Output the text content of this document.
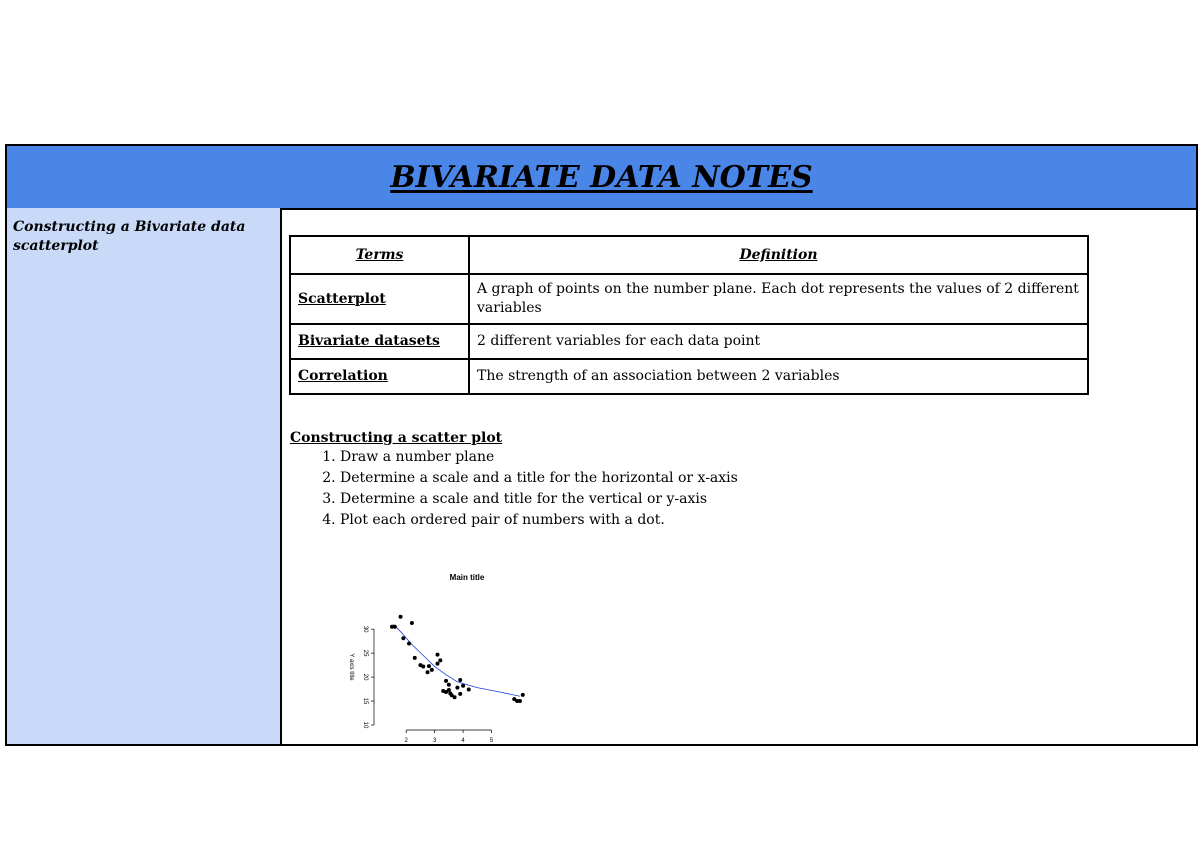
BIVARIATE DATA NOTES

Constructing a Bivariate data scatterplot

Terms	Definition
Scatterplot	A graph of points on the number plane. Each dot represents the values of 2 different variables
Bivariate datasets	2 different variables for each data point
Correlation	The strength of an association between 2 variables
Constructing a scatter plot
1. Draw a number plane
2. Determine a scale and a title for the horizontal or x-axis
3. Determine a scale and title for the vertical or y-axis
4. Plot each ordered pair of numbers with a dot.
Main title
10
15
20
25
30
Y axis title
2	3	4	5
